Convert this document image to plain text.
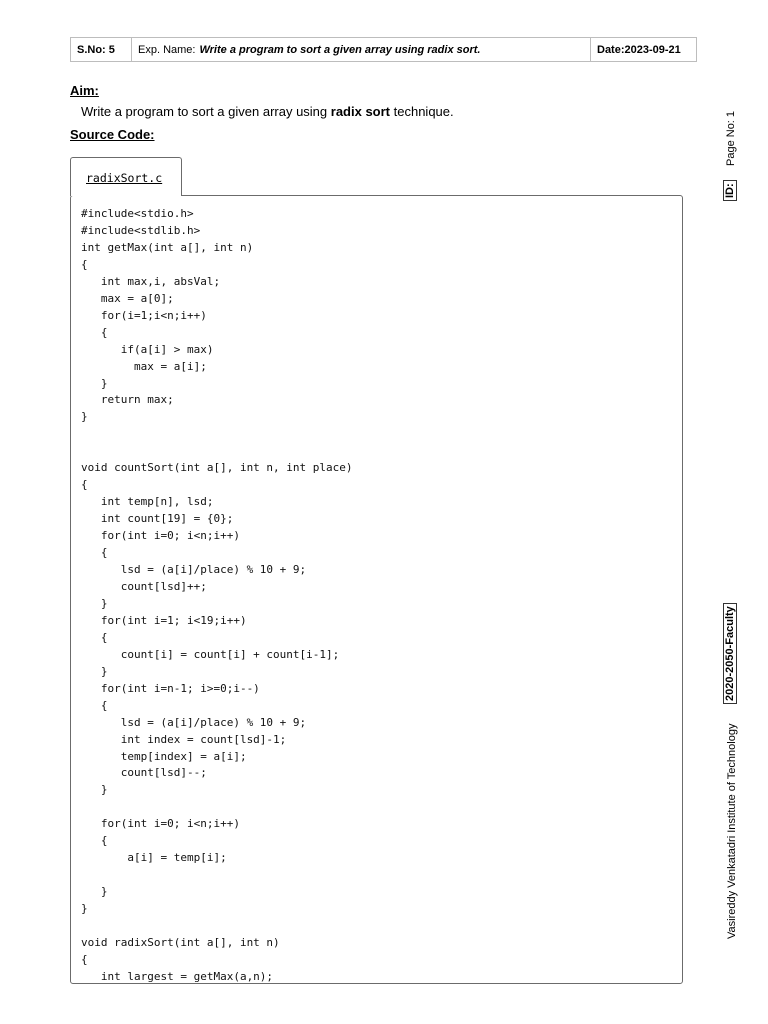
S.No: 5	Exp. Name: Write a program to sort a given array using radix sort.	Date:2023-09-21
Aim:
Write a program to sort a given array using radix sort technique.
Source Code:
radixSort.c
#include<stdio.h>
#include<stdlib.h>
int getMax(int a[], int n)
{
int max,i, absVal;
max = a[0];
for(i=1;i<n;i++)
{
if(a[i] > max)
max = a[i];
}
return max;
}

void countSort(int a[], int n, int place)
{
int temp[n], lsd;
int count[19] = {0};
for(int i=0; i<n;i++)
{
lsd = (a[i]/place) % 10 + 9;
count[lsd]++;
}
for(int i=1; i<19;i++)
{
count[i] = count[i] + count[i-1];
}
for(int i=n-1; i>=0;i--)
{
lsd = (a[i]/place) % 10 + 9;
int index = count[lsd]-1;
temp[index] = a[i];
count[lsd]--;
}

for(int i=0; i<n;i++)
{
a[i] = temp[i];

}
}

void radixSort(int a[], int n)
{
int largest = getMax(a,n);
Page No: 1
ID:
2020-2050-Faculty
Vasireddy Venkatadri Institute of Technology
